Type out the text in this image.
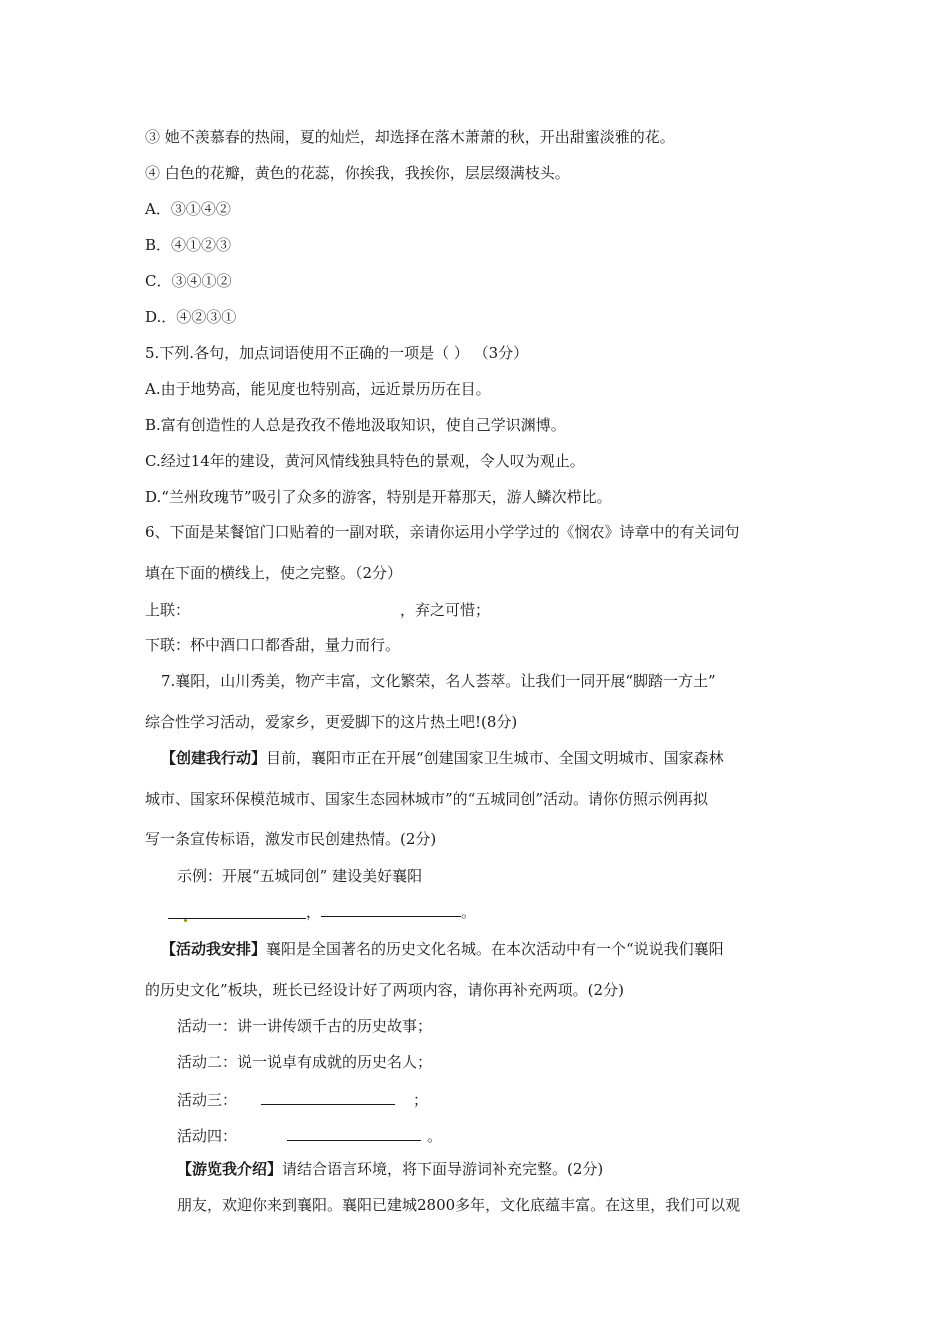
③ 她不羡慕春的热闹，夏的灿烂，却选择在落木萧萧的秋，开出甜蜜淡雅的花。
④ 白色的花瓣，黄色的花蕊，你挨我，我挨你，层层缀满枝头。
A．③①④②
B．④①②③
C．③④①②
D.．④②③①
5.下列.各句，加点词语使用不正确的一项是（ ） （3分）
A.由于地势高，能见度也特别高，远近景历历在目。
B.富有创造性的人总是孜孜不倦地汲取知识，使自己学识渊博。
C.经过14年的建设，黄河风情线独具特色的景观，令人叹为观止。
D.“兰州玫瑰节”吸引了众多的游客，特别是开幕那天，游人鳞次栉比。
6、下面是某餐馆门口贴着的一副对联，亲请你运用小学学过的《悯农》诗章中的有关词句
填在下面的横线上，使之完整。（2分）
上联：	，弃之可惜；
下联：杯中酒口口都香甜，量力而行。
7.襄阳，山川秀美，物产丰富，文化繁荣，名人荟萃。让我们一同开展“脚踏一方土”
综合性学习活动，爱家乡，更爱脚下的这片热土吧!(8分)
【创建我行动】目前，襄阳市正在开展“创建国家卫生城市、全国文明城市、国家森林
城市、国家环保模范城市、国家生态园林城市”的“五城同创”活动。请你仿照示例再拟
写一条宣传标语，激发市民创建热情。(2分)
示例：开展“五城同创” 建设美好襄阳
，	。
【活动我安排】襄阳是全国著名的历史文化名城。在本次活动中有一个“说说我们襄阳
的历史文化”板块，班长已经设计好了两项内容，请你再补充两项。(2分)
活动一：讲一讲传颂千古的历史故事；
活动二：说一说卓有成就的历史名人；
活动三：	；
活动四：	。
【游览我介绍】请结合语言环境，将下面导游词补充完整。(2分)
朋友，欢迎你来到襄阳。襄阳已建城2800多年，文化底蕴丰富。在这里，我们可以观
